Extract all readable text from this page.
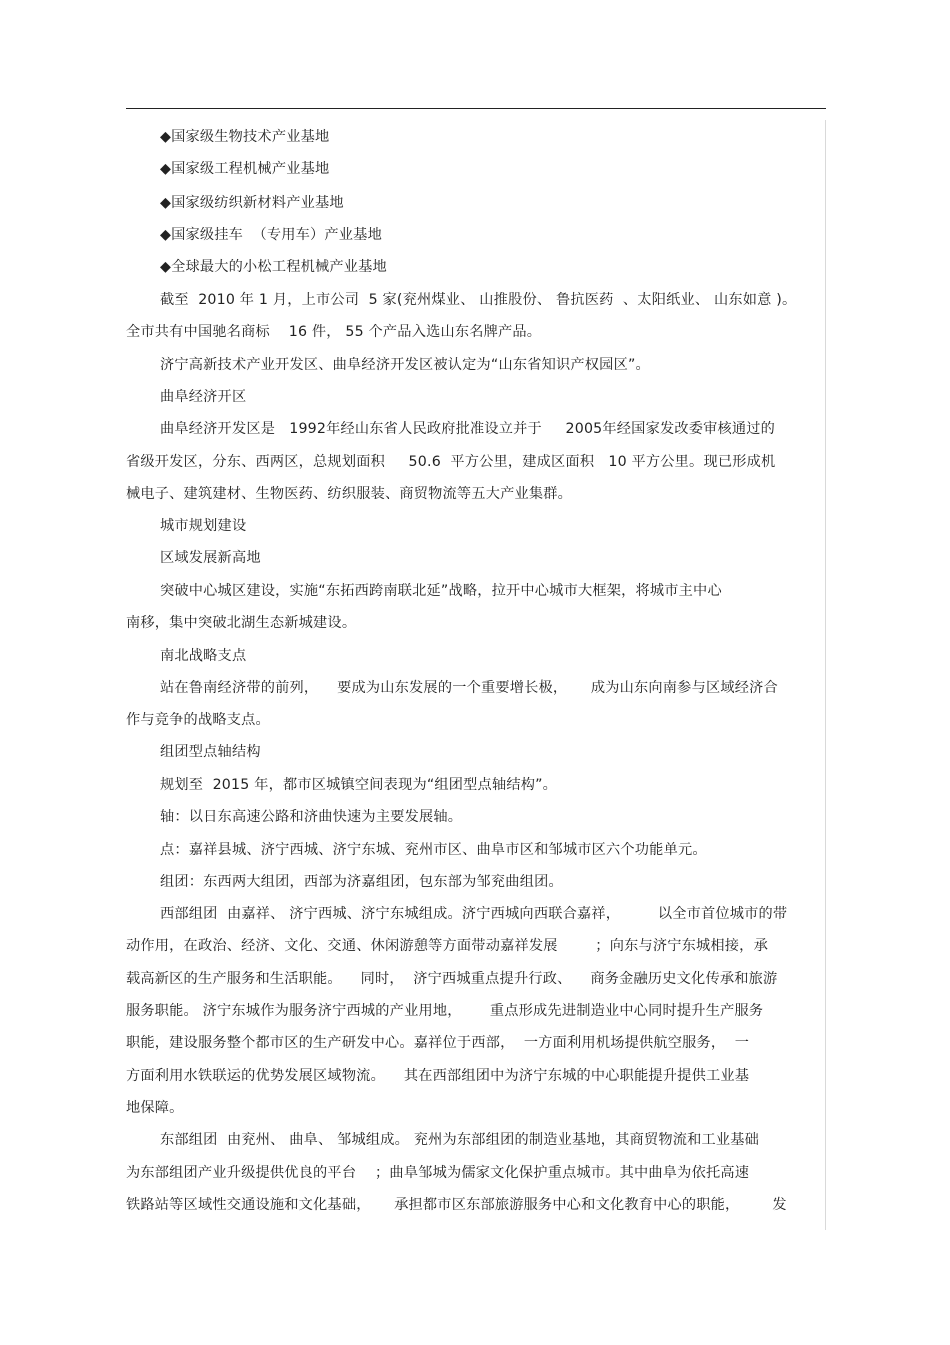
◆国家级生物技术产业基地
◆国家级工程机械产业基地
◆国家级纺织新材料产业基地
◆国家级挂车  （专用车）产业基地
◆全球最大的小松工程机械产业基地
截至  2010 年 1 月，上市公司  5 家(兖州煤业、 山推股份、 鲁抗医药  、太阳纸业、 山东如意 )。
全市共有中国驰名商标    16 件， 55 个产品入选山东名牌产品。
济宁高新技术产业开发区、曲阜经济开发区被认定为“山东省知识产权园区”。
曲阜经济开区
曲阜经济开发区是   1992年经山东省人民政府批准设立并于     2005年经国家发改委审核通过的
省级开发区，分东、西两区，总规划面积     50.6  平方公里，建成区面积   10 平方公里。现已形成机
械电子、建筑建材、生物医药、纺织服装、商贸物流等五大产业集群。
城市规划建设
区域发展新高地
突破中心城区建设，实施“东拓西跨南联北延”战略，拉开中心城市大框架，将城市主中心
南移，集中突破北湖生态新城建设。
南北战略支点
站在鲁南经济带的前列，    要成为山东发展的一个重要增长极，     成为山东向南参与区域经济合
作与竞争的战略支点。
组团型点轴结构
规划至  2015 年，都市区城镇空间表现为“组团型点轴结构”。
轴：以日东高速公路和济曲快速为主要发展轴。
点：嘉祥县城、济宁西城、济宁东城、兖州市区、曲阜市区和邹城市区六个功能单元。
组团：东西两大组团，西部为济嘉组团，包东部为邹兖曲组团。
西部组团  由嘉祥、 济宁西城、济宁东城组成。济宁西城向西联合嘉祥，        以全市首位城市的带
动作用，在政治、经济、文化、交通、休闲游憩等方面带动嘉祥发展        ；向东与济宁东城相接，承
载高新区的生产服务和生活职能。    同时，  济宁西城重点提升行政、    商务金融历史文化传承和旅游
服务职能。 济宁东城作为服务济宁西城的产业用地，      重点形成先进制造业中心同时提升生产服务
职能，建设服务整个都市区的生产研发中心。嘉祥位于西部，  一方面利用机场提供航空服务，  一
方面利用水铁联运的优势发展区域物流。    其在西部组团中为济宁东城的中心职能提升提供工业基
地保障。
东部组团  由兖州、 曲阜、 邹城组成。 兖州为东部组团的制造业基地，其商贸物流和工业基础
为东部组团产业升级提供优良的平台    ；曲阜邹城为儒家文化保护重点城市。其中曲阜为依托高速
铁路站等区域性交通设施和文化基础，     承担都市区东部旅游服务中心和文化教育中心的职能，       发
